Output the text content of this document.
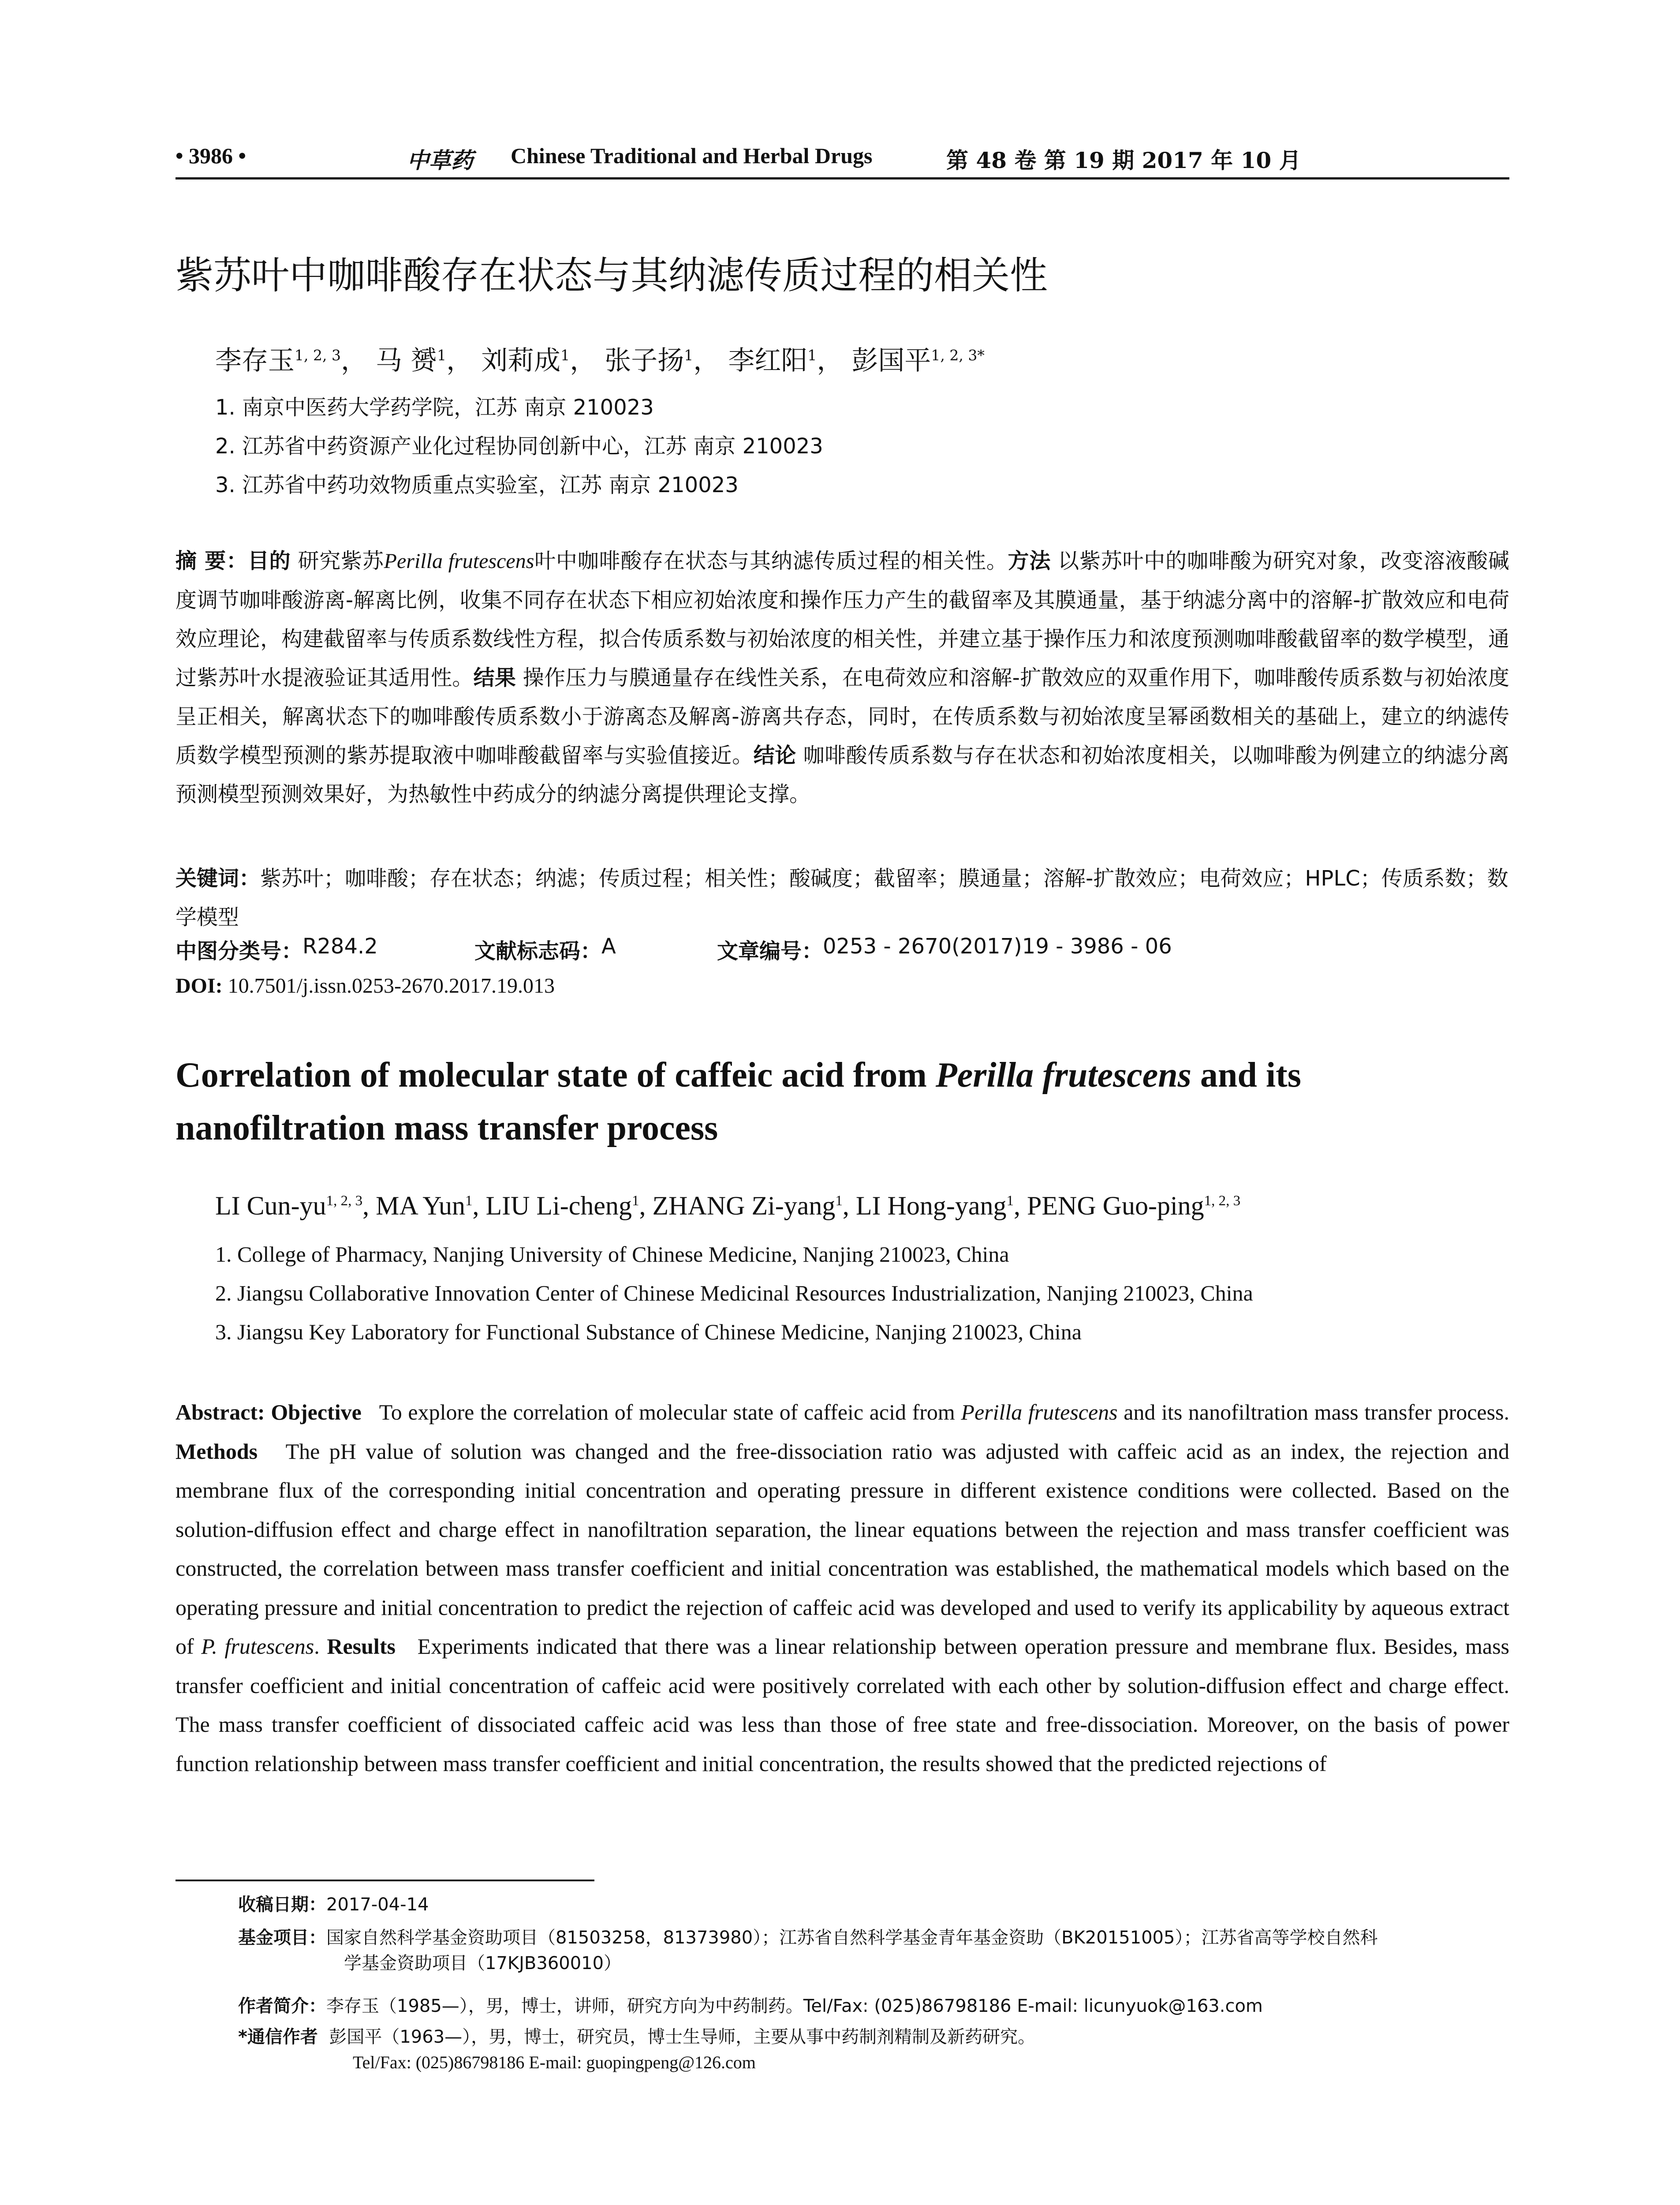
• 3986 •	中草药 Chinese Traditional and Herbal Drugs	第 48 卷 第 19 期 2017 年 10 月
紫苏叶中咖啡酸存在状态与其纳滤传质过程的相关性
李存玉$^{1, 2, 3}$， 马 赟$^1$， 刘莉成$^1$， 张子扬$^1$， 李红阳$^1$， 彭国平$^{1, 2, 3*}$
1. 南京中医药大学药学院，江苏 南京 210023
2. 江苏省中药资源产业化过程协同创新中心，江苏 南京 210023
3. 江苏省中药功效物质重点实验室，江苏 南京 210023
摘 要：目的 研究紫苏Perilla frutescens叶中咖啡酸存在状态与其纳滤传质过程的相关性。方法 以紫苏叶中的咖啡酸为研究对象，改变溶液酸碱度调节咖啡酸游离-解离比例，收集不同存在状态下相应初始浓度和操作压力产生的截留率及其膜通量，基于纳滤分离中的溶解-扩散效应和电荷效应理论，构建截留率与传质系数线性方程，拟合传质系数与初始浓度的相关性，并建立基于操作压力和浓度预测咖啡酸截留率的数学模型，通过紫苏叶水提液验证其适用性。结果 操作压力与膜通量存在线性关系，在电荷效应和溶解-扩散效应的双重作用下，咖啡酸传质系数与初始浓度呈正相关，解离状态下的咖啡酸传质系数小于游离态及解离-游离共存态，同时，在传质系数与初始浓度呈幂函数相关的基础上，建立的纳滤传质数学模型预测的紫苏提取液中咖啡酸截留率与实验值接近。结论 咖啡酸传质系数与存在状态和初始浓度相关，以咖啡酸为例建立的纳滤分离预测模型预测效果好，为热敏性中药成分的纳滤分离提供理论支撑。
关键词：紫苏叶；咖啡酸；存在状态；纳滤；传质过程；相关性；酸碱度；截留率；膜通量；溶解-扩散效应；电荷效应；HPLC；传质系数；数学模型
中图分类号： R284.2	文献标志码： A	文章编号： 0253 - 2670(2017)19 - 3986 - 06
DOI: 10.7501/j.issn.0253-2670.2017.19.013
Correlation of molecular state of caffeic acid from Perilla frutescens and its nanofiltration mass transfer process
LI Cun-yu$^{1, 2, 3}$, MA Yun$^1$, LIU Li-cheng$^1$, ZHANG Zi-yang$^1$, LI Hong-yang$^1$, PENG Guo-ping$^{1, 2, 3}$
1. College of Pharmacy, Nanjing University of Chinese Medicine, Nanjing 210023, China
2. Jiangsu Collaborative Innovation Center of Chinese Medicinal Resources Industrialization, Nanjing 210023, China
3. Jiangsu Key Laboratory for Functional Substance of Chinese Medicine, Nanjing 210023, China
Abstract: Objective To explore the correlation of molecular state of caffeic acid from Perilla frutescens and its nanofiltration mass transfer process. Methods The pH value of solution was changed and the free-dissociation ratio was adjusted with caffeic acid as an index, the rejection and membrane flux of the corresponding initial concentration and operating pressure in different existence conditions were collected. Based on the solution-diffusion effect and charge effect in nanofiltration separation, the linear equations between the rejection and mass transfer coefficient was constructed, the correlation between mass transfer coefficient and initial concentration was established, the mathematical models which based on the operating pressure and initial concentration to predict the rejection of caffeic acid was developed and used to verify its applicability by aqueous extract of P. frutescens. Results Experiments indicated that there was a linear relationship between operation pressure and membrane flux. Besides, mass transfer coefficient and initial concentration of caffeic acid were positively correlated with each other by solution-diffusion effect and charge effect. The mass transfer coefficient of dissociated caffeic acid was less than those of free state and free-dissociation. Moreover, on the basis of power function relationship between mass transfer coefficient and initial concentration, the results showed that the predicted rejections of
收稿日期：2017-04-14
基金项目：国家自然科学基金资助项目（81503258，81373980）；江苏省自然科学基金青年基金资助（BK20151005）；江苏省高等学校自然科
学基金资助项目（17KJB360010）
作者简介：李存玉（1985—），男，博士，讲师，研究方向为中药制药。Tel/Fax: (025)86798186 E-mail: licunyuok@163.com
*通信作者 彭国平（1963—），男，博士，研究员，博士生导师，主要从事中药制剂精制及新药研究。
Tel/Fax: (025)86798186 E-mail: guopingpeng@126.com
